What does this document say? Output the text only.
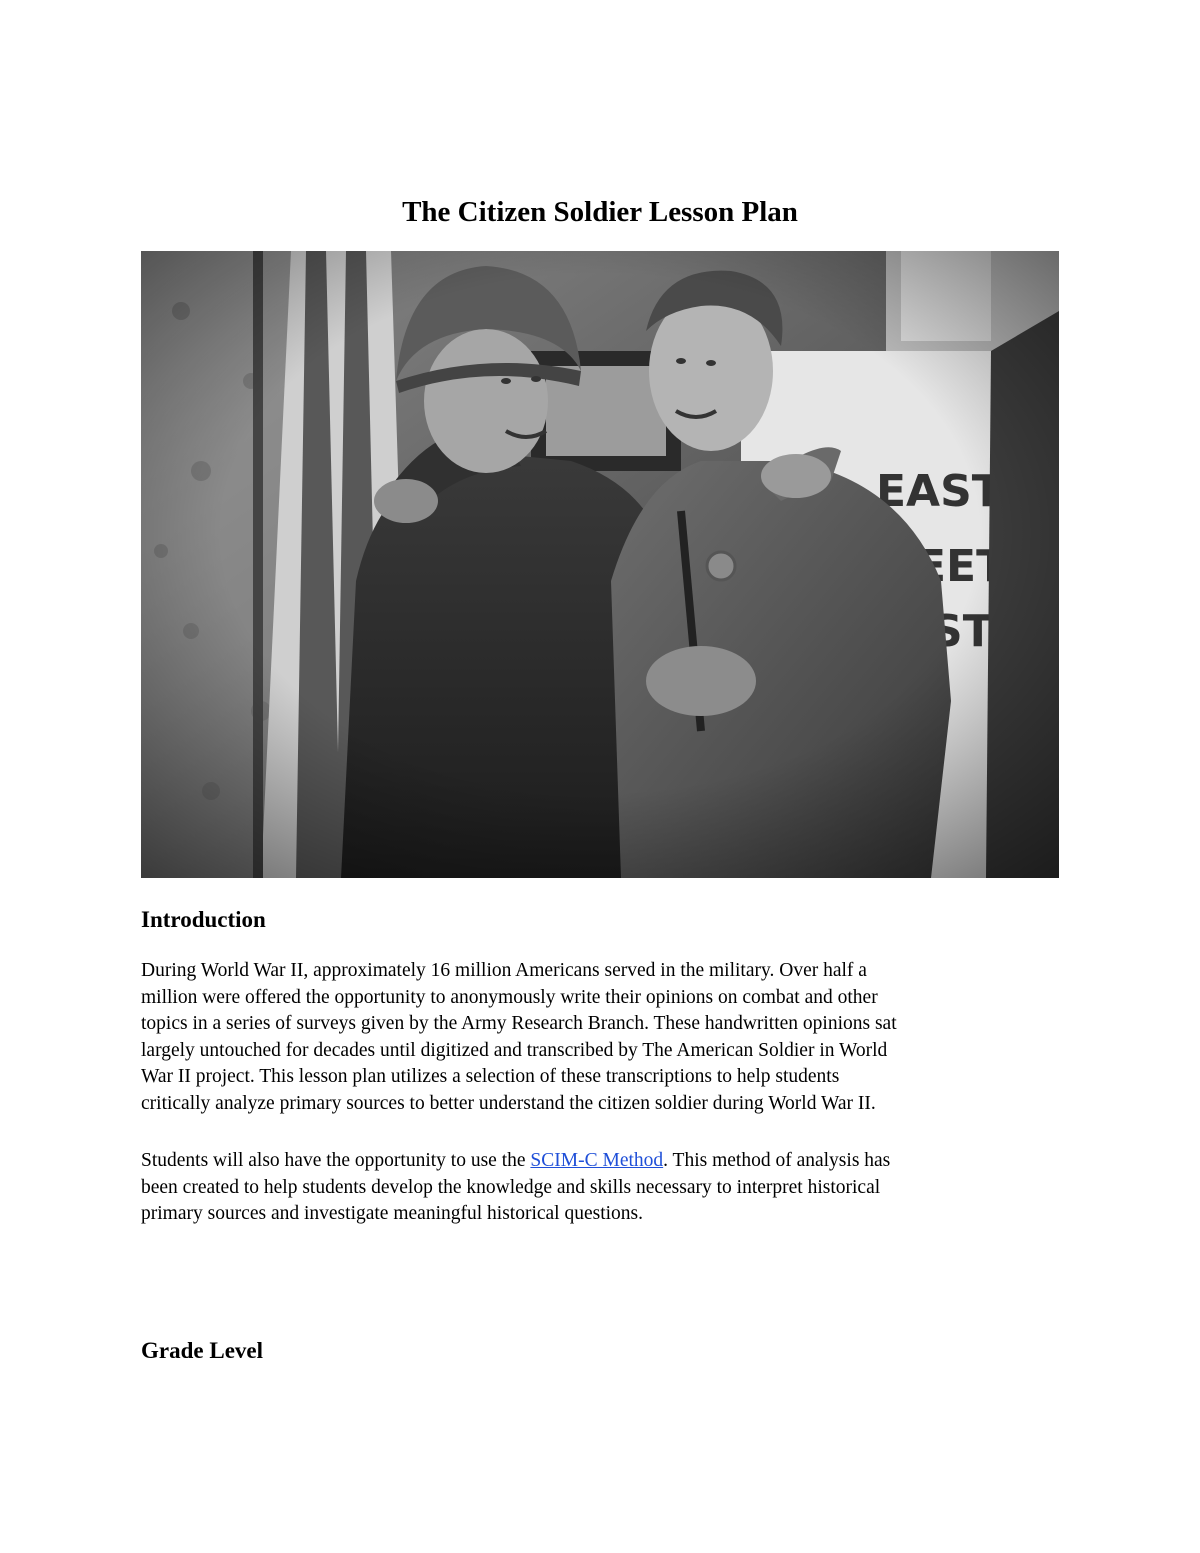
The Citizen Soldier Lesson Plan
Introduction

During World War II, approximately 16 million Americans served in the military. Over half a
million were offered the opportunity to anonymously write their opinions on combat and other
topics in a series of surveys given by the Army Research Branch. These handwritten opinions sat
largely untouched for decades until digitized and transcribed by The American Soldier in World
War II project. This lesson plan utilizes a selection of these transcriptions to help students
critically analyze primary sources to better understand the citizen soldier during World War II.

Students will also have the opportunity to use the SCIM-C Method. This method of analysis has
been created to help students develop the knowledge and skills necessary to interpret historical
primary sources and investigate meaningful historical questions.

Grade Level
